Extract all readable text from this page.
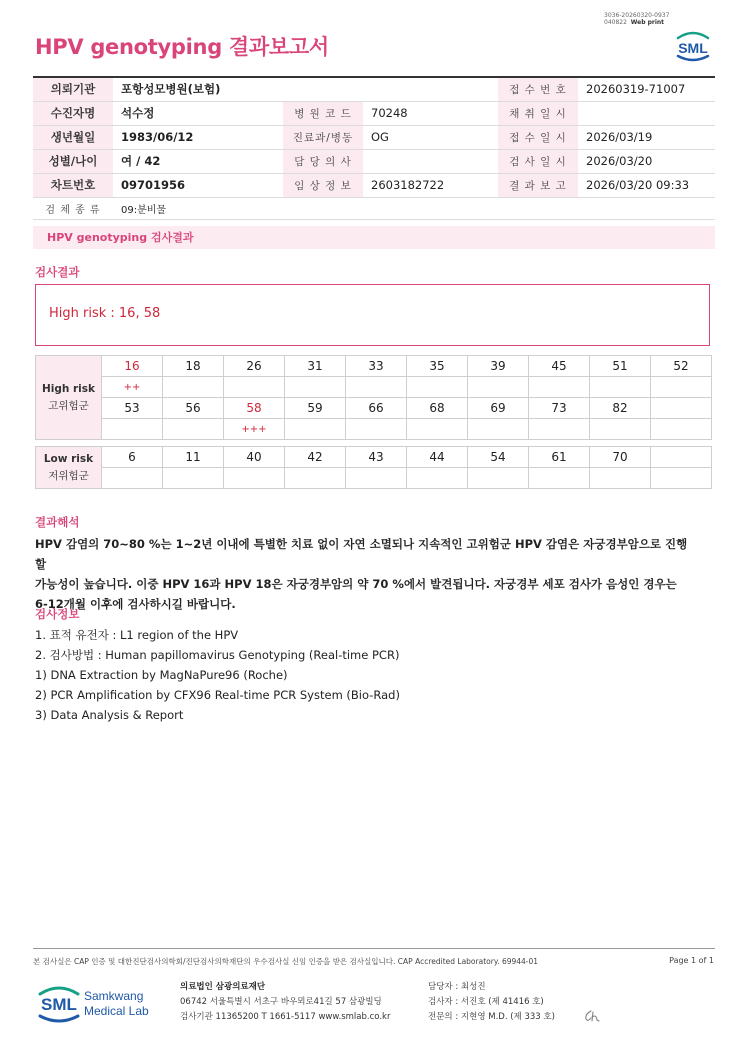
3036-20260320-0937
040822 Web print
HPV genotyping 결과보고서	SML
의뢰기관	포항성모병원(보험)			접 수 번 호	20260319-71007
수진자명	석수정	병 원 코 드	70248	채 취 일 시	
생년월일	1983/06/12	진료과/병동	OG	접 수 일 시	2026/03/19
성별/나이	여 / 42	담 당 의 사		검 사 일 시	2026/03/20
차트번호	09701956	임 상 정 보	2603182722	결 과 보 고	2026/03/20 09:33
검 체 종 류	09:분비물				
HPV genotyping 검사결과
검사결과
High risk : 16, 58
High risk
고위험군	16	18	26	31	33	35	39	45	51	52
	++									
	53	56	58	59	66	68	69	73	82	
			+++							
Low risk
저위험군	6	11	40	42	43	44	54	61	70	

결과해석
HPV 감염의 70~80 %는 1~2년 이내에 특별한 치료 없이 자연 소멸되나 지속적인 고위험군 HPV 감염은 자궁경부암으로 진행할
가능성이 높습니다. 이중 HPV 16과 HPV 18은 자궁경부암의 약 70 %에서 발견됩니다. 자궁경부 세포 검사가 음성인 경우는
6-12개월 이후에 검사하시길 바랍니다.
검사정보
1. 표적 유전자 : L1 region of the HPV
2. 검사방법 : Human papillomavirus Genotyping (Real-time PCR)
1) DNA Extraction by MagNaPure96 (Roche)
2) PCR Amplification by CFX96 Real-time PCR System (Bio-Rad)
3) Data Analysis & Report
본 검사실은 CAP 인증 및 대한진단검사의학회/진단검사의학재단의 우수검사실 신임 인증을 받은 검사실입니다. CAP Accredited Laboratory. 69944-01	Page 1 of 1
SML Samkwang
Medical Lab
의료법인 삼광의료재단
06742 서울특별시 서초구 바우뫼로41길 57 삼광빌딩
검사기관 11365200 T 1661-5117 www.smlab.co.kr
담당자 : 최성진
검사자 : 서진호 (제 41416 호)
전문의 : 지현영 M.D. (제 333 호)
